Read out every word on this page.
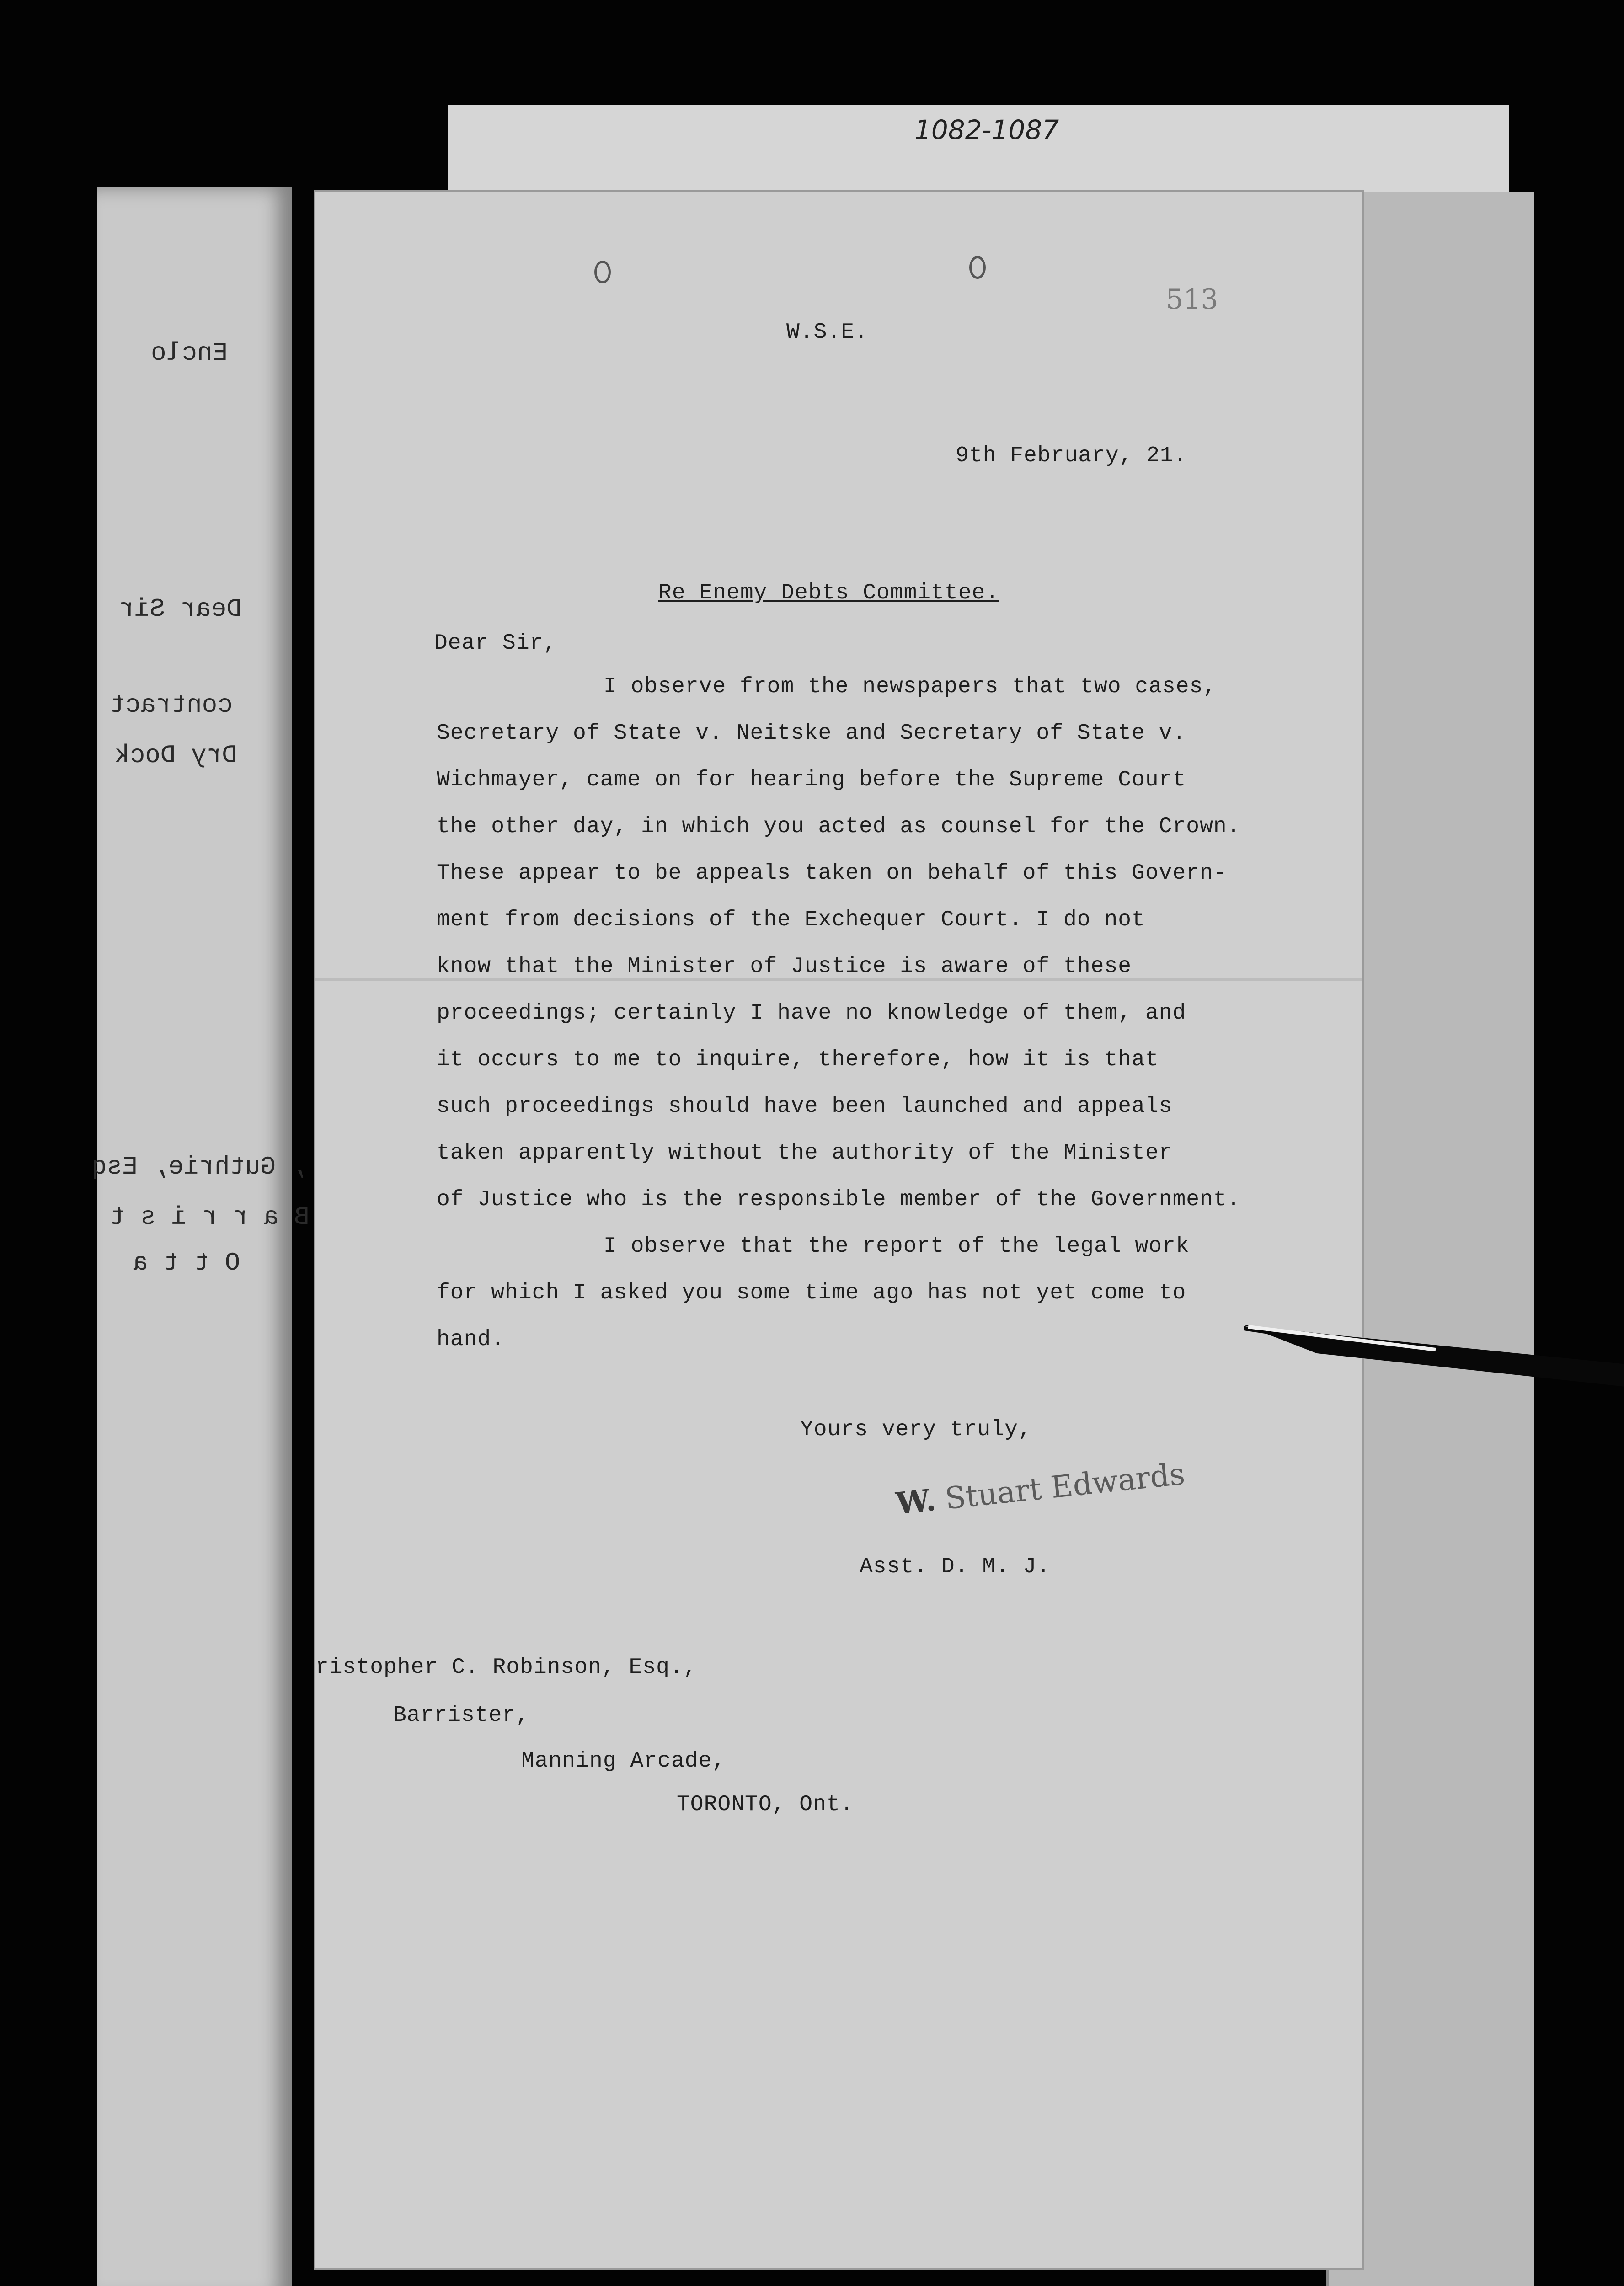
1082-1087
Enclo
Dear Sir
contract
Dry Dock
, Guthrie, Esq
B a r r i s t
O t t a
513
W.S.E.
9th February, 21.
Re Enemy Debts Committee.
Dear Sir,
I observe from the newspapers that two cases,
Secretary of State v. Neitske and Secretary of State v.
Wichmayer, came on for hearing before the Supreme Court
the other day, in which you acted as counsel for the Crown.
These appear to be appeals taken on behalf of this Govern-
ment from decisions of the Exchequer Court. I do not
know that the Minister of Justice is aware of these
proceedings; certainly I have no knowledge of them, and
it occurs to me to inquire, therefore, how it is that
such proceedings should have been launched and appeals
taken apparently without the authority of the Minister
of Justice who is the responsible member of the Government.
I observe that the report of the legal work
for which I asked you some time ago has not yet come to
hand.
Yours very truly,
W. Stuart Edwards
Asst. D. M. J.
ristopher C. Robinson, Esq.,
Barrister,
Manning Arcade,
TORONTO, Ont.
